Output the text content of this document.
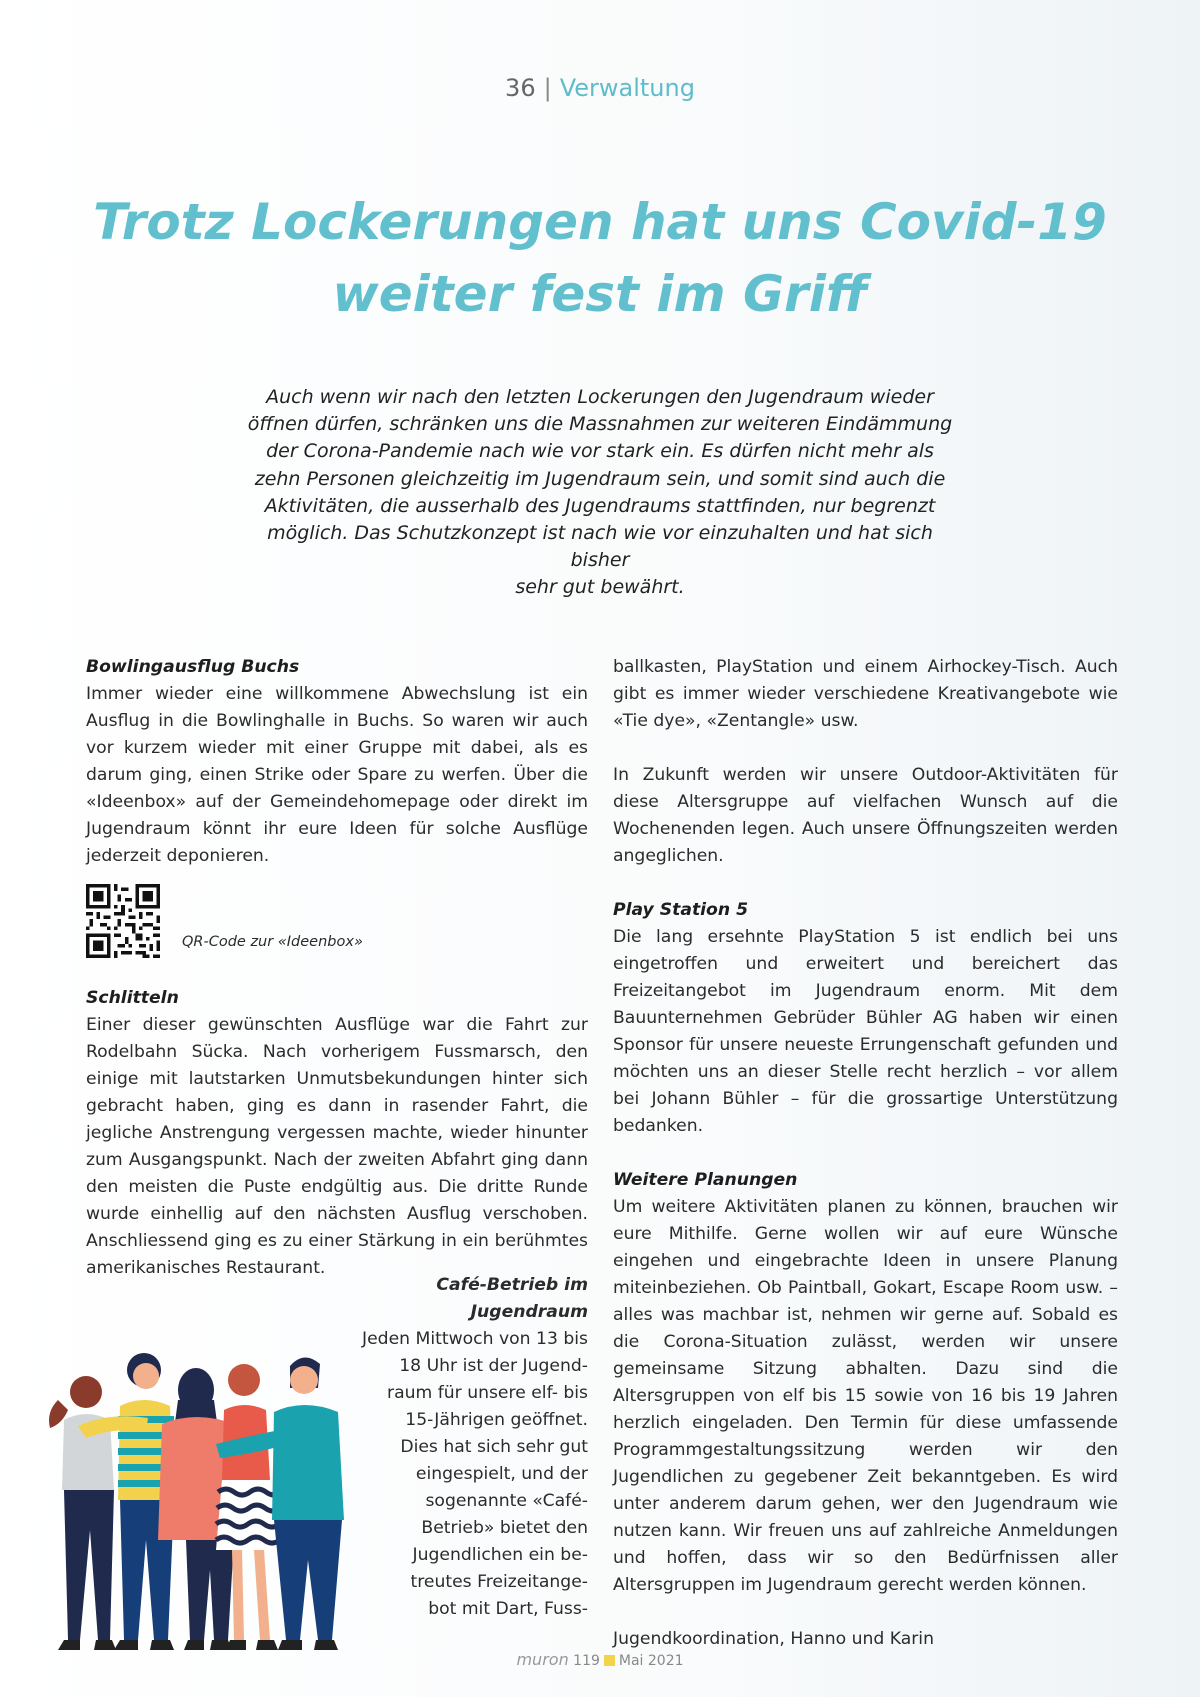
36 | Verwaltung
Trotz Lockerungen hat uns Covid-19
weiter fest im Griff
Auch wenn wir nach den letzten Lockerungen den Jugendraum wieder
öffnen dürfen, schränken uns die Massnahmen zur weiteren Eindämmung
der Corona-Pandemie nach wie vor stark ein. Es dürfen nicht mehr als
zehn Personen gleichzeitig im Jugendraum sein, und somit sind auch die
Aktivitäten, die ausserhalb des Jugendraums stattfinden, nur begrenzt
möglich. Das Schutzkonzept ist nach wie vor einzuhalten und hat sich bisher
sehr gut bewährt.
Bowlingausflug Buchs

Immer wieder eine willkommene Abwechslung ist ein Ausflug in die Bowlinghalle in Buchs. So waren wir auch vor kurzem wieder mit einer Gruppe mit dabei, als es darum ging, einen Strike oder Spare zu werfen. Über die «Ideenbox» auf der Gemeindehomepage oder direkt im Jugendraum könnt ihr eure Ideen für solche Ausflüge jederzeit deponieren.

QR-Code zur «Ideenbox»
Schlitteln

Einer dieser gewünschten Ausflüge war die Fahrt zur Rodelbahn Sücka. Nach vorherigem Fussmarsch, den einige mit lautstarken Unmutsbekundungen hinter sich gebracht haben, ging es dann in rasender Fahrt, die jegliche Anstrengung vergessen machte, wieder hinunter zum Ausgangspunkt. Nach der zweiten Abfahrt ging dann den meisten die Puste endgültig aus. Die dritte Runde wurde einhellig auf den nächsten Ausflug verschoben. Anschliessend ging es zu einer Stärkung in ein berühmtes amerikanisches Restaurant.

Café-Betrieb im Jugendraum
Jeden Mittwoch von 13 bis
18 Uhr ist der Jugend-
raum für unsere elf- bis
15-Jährigen geöffnet.
Dies hat sich sehr gut
eingespielt, und der
sogenannte «Café-
Betrieb» bietet den
Jugendlichen ein be-
treutes Freizeitange-
bot mit Dart, Fuss-

ballkasten, PlayStation und einem Airhockey-Tisch. Auch gibt es immer wieder verschiedene Kreativangebote wie «Tie dye», «Zentangle» usw.

In Zukunft werden wir unsere Outdoor-Aktivitäten für diese Altersgruppe auf vielfachen Wunsch auf die Wochenenden legen. Auch unsere Öffnungszeiten werden angeglichen.

Play Station 5

Die lang ersehnte PlayStation 5 ist endlich bei uns eingetroffen und erweitert und bereichert das Freizeitangebot im Jugendraum enorm. Mit dem Bauunternehmen Gebrüder Bühler AG haben wir einen Sponsor für unsere neueste Errungenschaft gefunden und möchten uns an dieser Stelle recht herzlich – vor allem bei Johann Bühler – für die grossartige Unterstützung bedanken.

Weitere Planungen

Um weitere Aktivitäten planen zu können, brauchen wir eure Mithilfe. Gerne wollen wir auf eure Wünsche eingehen und eingebrachte Ideen in unsere Planung miteinbeziehen. Ob Paintball, Gokart, Escape Room usw. – alles was machbar ist, nehmen wir gerne auf. Sobald es die Corona-Situation zulässt, werden wir unsere gemeinsame Sitzung abhalten. Dazu sind die Altersgruppen von elf bis 15 sowie von 16 bis 19 Jahren herzlich eingeladen. Den Termin für diese umfassende Programmgestaltungssitzung werden wir den Jugendlichen zu gegebener Zeit bekanntgeben. Es wird unter anderem darum gehen, wer den Jugendraum wie nutzen kann. Wir freuen uns auf zahlreiche Anmeldungen und hoffen, dass wir so den Bedürfnissen aller Altersgruppen im Jugendraum gerecht werden können.

Jugendkoordination, Hanno und Karin

muron 119 Mai 2021
